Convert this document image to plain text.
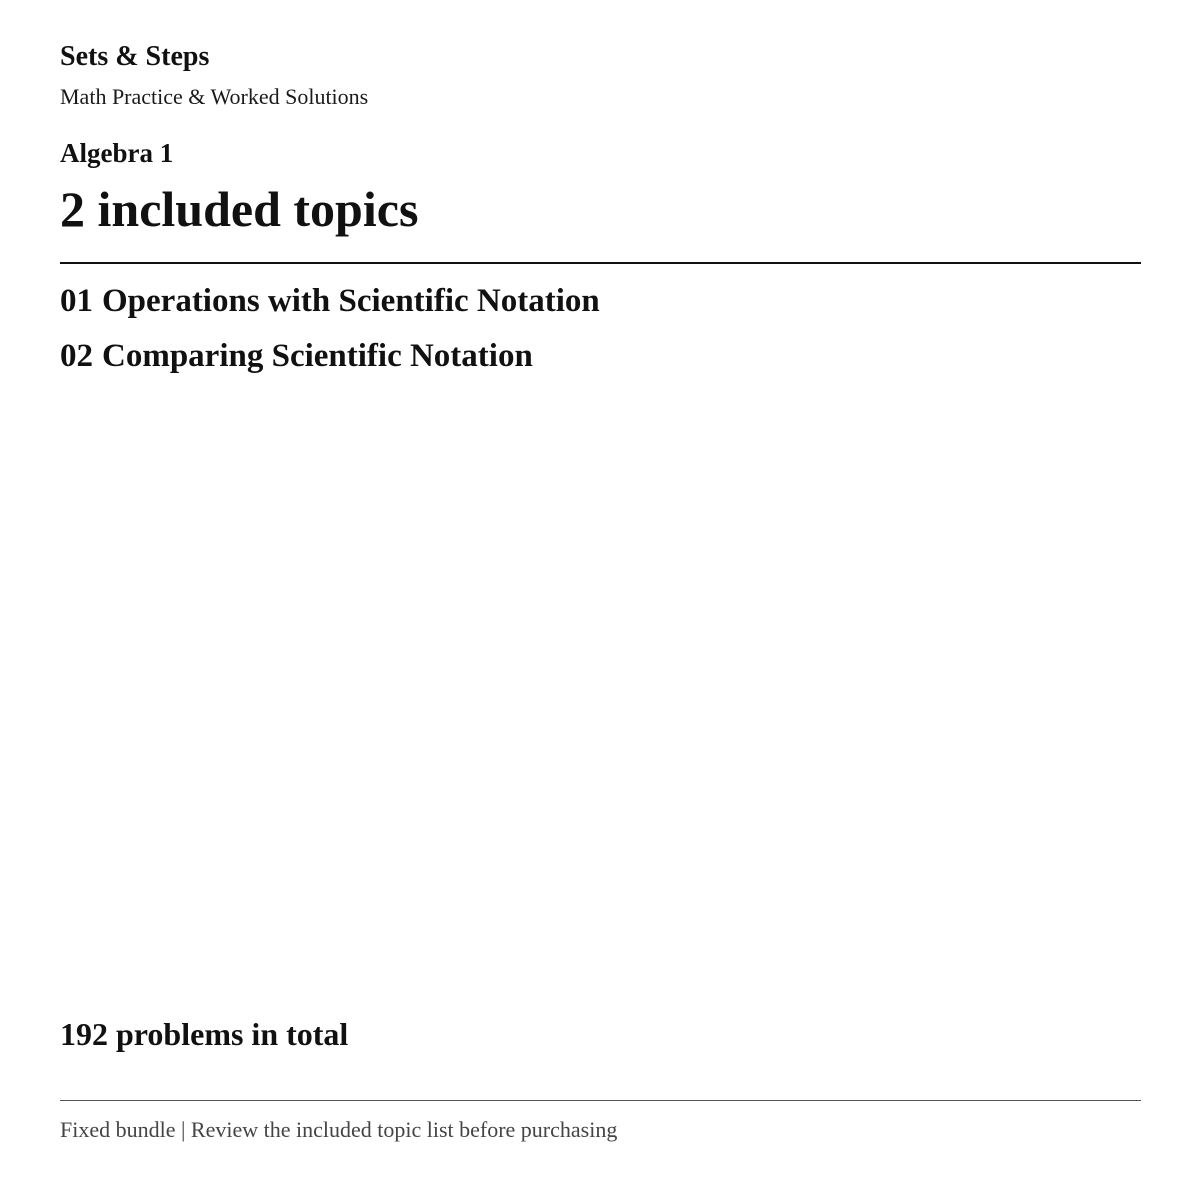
Sets & Steps
Math Practice & Worked Solutions
Algebra 1
2 included topics
01 Operations with Scientific Notation
02 Comparing Scientific Notation
192 problems in total
Fixed bundle | Review the included topic list before purchasing
